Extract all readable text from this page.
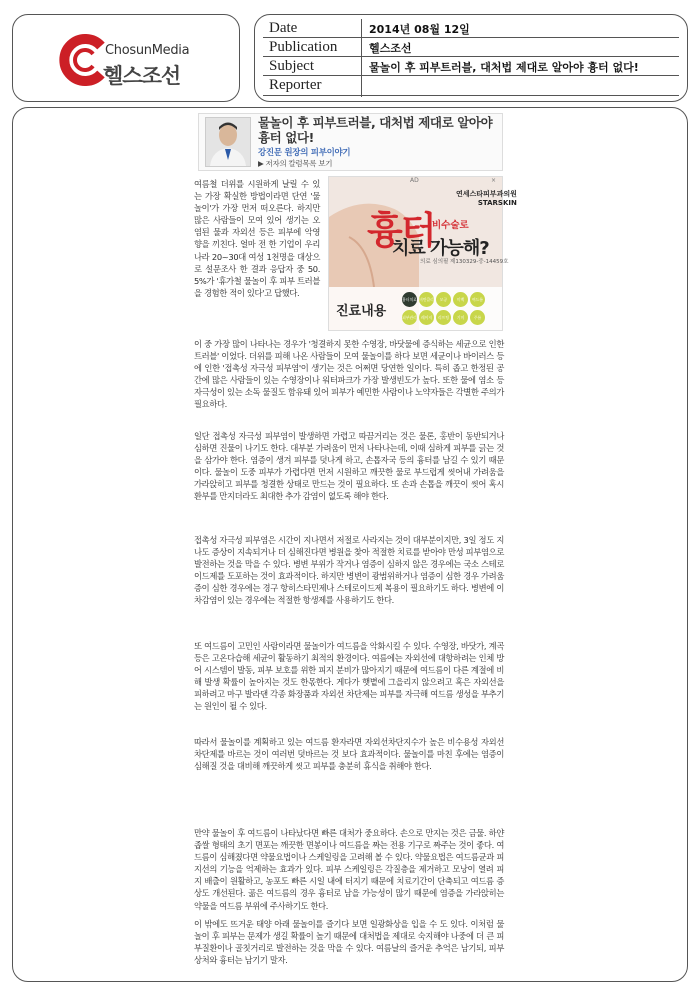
ChosunMedia
헬스조선
Date	2014년 08월 12일
Publication	헬스조선
Subject	물놀이 후 피부트러블, 대처법 제대로 알아야 흉터 없다!
Reporter
물놀이 후 피부트러블, 대처법 제대로 알아야 흉터 없다!
강진문 원장의 피부이야기
▶ 저자의 칼럼목록 보기
여름철 더위를 시원하게 날릴 수 있는 가장 확실한 방법이라면 단연 '물놀이'가 가장 먼저 떠오른다. 하지만 많은 사람들이 모여 있어 생기는 오염된 물과 자외선 등은 피부에 악영향을 끼친다. 얼마 전 한 기업이 우리나라 20~30대 여성 1천명을 대상으로 설문조사 한 결과 응답자 중 50.5%가 '휴가철 물놀이 후 피부 트러블을 경험한 적이 있다'고 답했다.
AD	×
연세스타피부과의원
STARSKIN
흉터
비수술로
치료 가능해?
의료 심의필 제130329-중-14459호
진료내용
흉터치료 비만클리	모공	미백	여드름
피부관리	레이저	리프팅	기미	주름
이 중 가장 많이 나타나는 경우가 '청결하지 못한 수영장, 바닷물에 증식하는 세균으로 인한 트러블' 이었다. 더위를 피해 나온 사람들이 모여 물놀이를 하다 보면 세균이나 바이러스 등에 인한 '접촉성 자극성 피부염'이 생기는 것은 어쩌면 당연한 일이다. 특히 좁고 한정된 공간에 많은 사람들이 있는 수영장이나 워터파크가 가장 발생빈도가 높다. 또한 물에 염소 등 자극성이 있는 소독 물질도 함유돼 있어 피부가 예민한 사람이나 노약자들은 각별한 주의가 필요하다.
일단 접촉성 자극성 피부염이 발생하면 가렵고 따끔거리는 것은 물론, 홍반이 동반되거나 심하면 진물이 나기도 한다. 대부분 가려움이 먼저 나타나는데, 이때 심하게 피부를 긁는 것을 삼가야 한다. 염증이 생겨 피부를 덧나게 하고, 손톱자국 등의 흉터를 남길 수 있기 때문이다. 물놀이 도중 피부가 가렵다면 먼저 시원하고 깨끗한 물로 부드럽게 씻어내 가려움을 가라앉히고 피부를 청결한 상태로 만드는 것이 필요하다. 또 손과 손톱을 깨끗이 씻어 혹시 환부를 만지더라도 최대한 추가 감염이 없도록 해야 한다.
접촉성 자극성 피부염은 시간이 지나면서 저절로 사라지는 것이 대부분이지만, 3일 정도 지나도 증상이 지속되거나 더 심해진다면 병원을 찾아 적절한 치료를 받아야 만성 피부염으로 발전하는 것을 막을 수 있다. 병변 부위가 작거나 염증이 심하지 않은 경우에는 국소 스테로이드제를 도포하는 것이 효과적이다. 하지만 병변이 광범위하거나 염증이 심한 경우 가려움증이 심한 경우에는 경구 항히스타민제나 스테로이드제 복용이 필요하기도 하다. 병변에 이차감염이 있는 경우에는 적절한 항생제를 사용하기도 한다.
또 여드름이 고민인 사람이라면 물놀이가 여드름을 악화시킬 수 있다. 수영장, 바닷가, 계곡 등은 고온다습해 세균이 활동하기 최적의 환경이다. 여름에는 자외선에 대항하려는 인체 방어 시스템이 발동, 피부 보호를 위한 피지 분비가 많아지기 때문에 여드름이 다른 계절에 비해 발생 확률이 높아지는 것도 한몫한다. 게다가 햇볕에 그을리지 않으려고 혹은 자외선을 피하려고 마구 발라댄 각종 화장품과 자외선 차단제는 피부를 자극해 여드름 생성을 부추기는 원인이 될 수 있다.
따라서 물놀이를 계획하고 있는 여드름 환자라면 자외선차단지수가 높은 비수용성 자외선 차단제를 바르는 것이 여러번 덧바르는 것 보다 효과적이다. 물놀이를 마친 후에는 염증이 심해질 것을 대비해 깨끗하게 씻고 피부를 충분히 휴식을 취해야 한다.
만약 물놀이 후 여드름이 나타났다면 빠른 대처가 중요하다. 손으로 만지는 것은 금물. 하얀 좁쌀 형태의 초기 면포는 깨끗한 면봉이나 여드름을 짜는 전용 기구로 짜주는 것이 좋다. 여드름이 심해졌다면 약물요법이나 스케일링을 고려해 볼 수 있다. 약물요법은 여드름균과 피지선의 기능을 억제하는 효과가 있다. 피부 스케일링은 각질층을 제거하고 모낭이 열려 피지 배출이 원활하고, 농포도 빠른 시일 내에 터지기 때문에 치료기간이 단축되고 여드름 증상도 개선된다. 곪은 여드름의 경우 흉터로 남을 가능성이 많기 때문에 염증을 가라앉히는 약물을 여드름 부위에 주사하기도 한다.
이 밖에도 뜨거운 태양 아래 물놀이를 즐기다 보면 일광화상을 입을 수 도 있다. 이처럼 물놀이 후 피부는 문제가 생길 확률이 높기 때문에 대처법을 제대로 숙지해야 나중에 더 큰 피부질환이나 골칫거리로 발전하는 것을 막을 수 있다. 여름날의 즐거운 추억은 남기되, 피부 상처와 흉터는 남기기 말자.
